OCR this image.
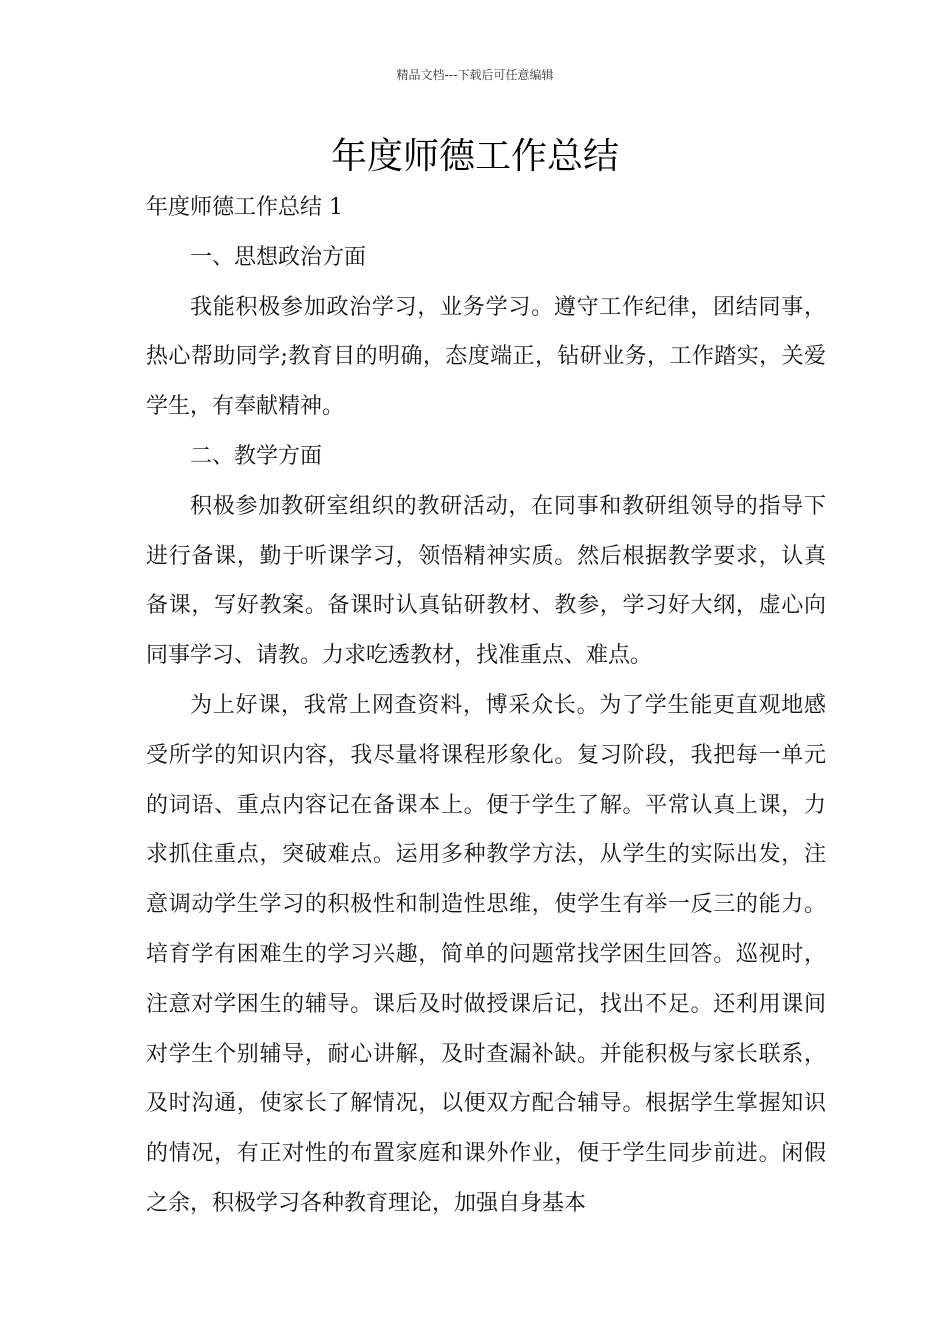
精品文档---下载后可任意编辑
年度师德工作总结

年度师德工作总结 1

一、思想政治方面

我能积极参加政治学习，业务学习。遵守工作纪律，团结同事，热心帮助同学;教育目的明确，态度端正，钻研业务，工作踏实，关爱学生，有奉献精神。

二、教学方面

积极参加教研室组织的教研活动，在同事和教研组领导的指导下进行备课，勤于听课学习，领悟精神实质。然后根据教学要求，认真备课，写好教案。备课时认真钻研教材、教参，学习好大纲，虚心向同事学习、请教。力求吃透教材，找准重点、难点。

为上好课，我常上网查资料，博采众长。为了学生能更直观地感受所学的知识内容，我尽量将课程形象化。复习阶段，我把每一单元的词语、重点内容记在备课本上。便于学生了解。平常认真上课，力求抓住重点，突破难点。运用多种教学方法，从学生的实际出发，注意调动学生学习的积极性和制造性思维，使学生有举一反三的能力。培育学有困难生的学习兴趣，简单的问题常找学困生回答。巡视时，注意对学困生的辅导。课后及时做授课后记，找出不足。还利用课间对学生个别辅导，耐心讲解，及时查漏补缺。并能积极与家长联系，及时沟通，使家长了解情况，以便双方配合辅导。根据学生掌握知识的情况，有正对性的布置家庭和课外作业，便于学生同步前进。闲假之余，积极学习各种教育理论，加强自身基本
